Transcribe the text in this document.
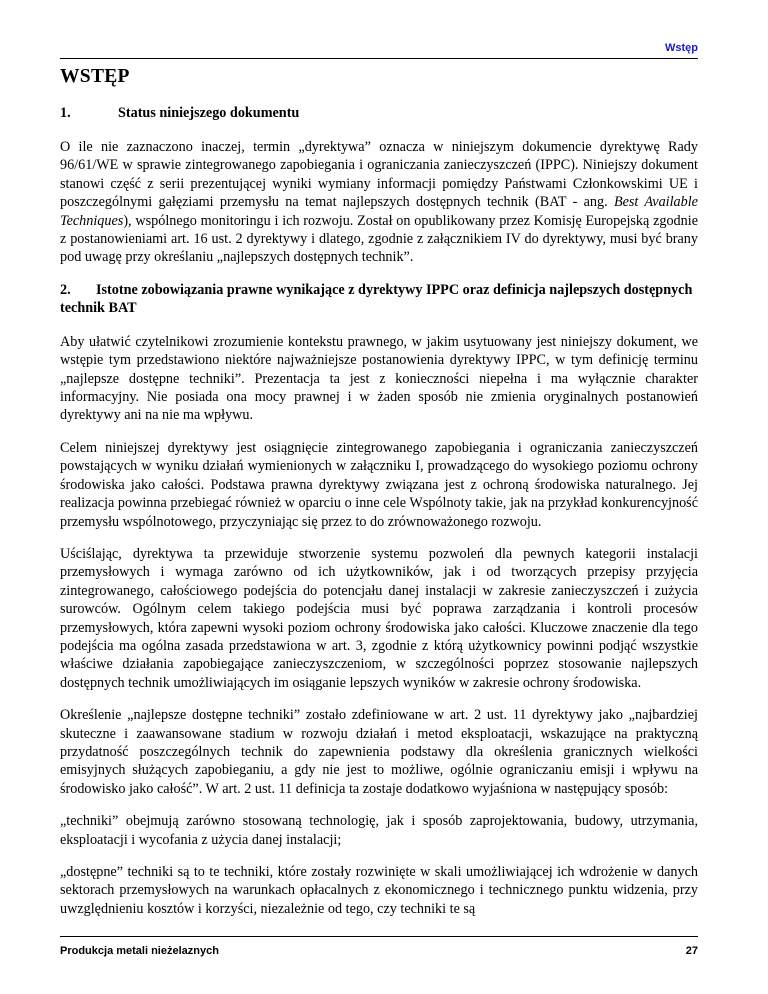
Wstęp
WSTĘP
1.	Status niniejszego dokumentu

O ile nie zaznaczono inaczej, termin „dyrektywa” oznacza w niniejszym dokumencie dyrektywę Rady 96/61/WE w sprawie zintegrowanego zapobiegania i ograniczania zanieczyszczeń (IPPC). Niniejszy dokument stanowi część z serii prezentującej wyniki wymiany informacji pomiędzy Państwami Członkowskimi UE i poszczególnymi gałęziami przemysłu na temat najlepszych dostępnych technik (BAT - ang. Best Available Techniques), wspólnego monitoringu i ich rozwoju. Został on opublikowany przez Komisję Europejską zgodnie z postanowieniami art. 16 ust. 2 dyrektywy i dlatego, zgodnie z załącznikiem IV do dyrektywy, musi być brany pod uwagę przy określaniu „najlepszych dostępnych technik”.

2. Istotne zobowiązania prawne wynikające z dyrektywy IPPC oraz definicja najlepszych dostępnych technik BAT

Aby ułatwić czytelnikowi zrozumienie kontekstu prawnego, w jakim usytuowany jest niniejszy dokument, we wstępie tym przedstawiono niektóre najważniejsze postanowienia dyrektywy IPPC, w tym definicję terminu „najlepsze dostępne techniki”. Prezentacja ta jest z konieczności niepełna i ma wyłącznie charakter informacyjny. Nie posiada ona mocy prawnej i w żaden sposób nie zmienia oryginalnych postanowień dyrektywy ani na nie ma wpływu.

Celem niniejszej dyrektywy jest osiągnięcie zintegrowanego zapobiegania i ograniczania zanieczyszczeń powstających w wyniku działań wymienionych w załączniku I, prowadzącego do wysokiego poziomu ochrony środowiska jako całości. Podstawa prawna dyrektywy związana jest z ochroną środowiska naturalnego. Jej realizacja powinna przebiegać również w oparciu o inne cele Wspólnoty takie, jak na przykład konkurencyjność przemysłu wspólnotowego, przyczyniając się przez to do zrównoważonego rozwoju.

Uściślając, dyrektywa ta przewiduje stworzenie systemu pozwoleń dla pewnych kategorii instalacji przemysłowych i wymaga zarówno od ich użytkowników, jak i od tworzących przepisy przyjęcia zintegrowanego, całościowego podejścia do potencjału danej instalacji w zakresie zanieczyszczeń i zużycia surowców. Ogólnym celem takiego podejścia musi być poprawa zarządzania i kontroli procesów przemysłowych, która zapewni wysoki poziom ochrony środowiska jako całości. Kluczowe znaczenie dla tego podejścia ma ogólna zasada przedstawiona w art. 3, zgodnie z którą użytkownicy powinni podjąć wszystkie właściwe działania zapobiegające zanieczyszczeniom, w szczególności poprzez stosowanie najlepszych dostępnych technik umożliwiających im osiąganie lepszych wyników w zakresie ochrony środowiska.

Określenie „najlepsze dostępne techniki” zostało zdefiniowane w art. 2 ust. 11 dyrektywy jako „najbardziej skuteczne i zaawansowane stadium w rozwoju działań i metod eksploatacji, wskazujące na praktyczną przydatność poszczególnych technik do zapewnienia podstawy dla określenia granicznych wielkości emisyjnych służących zapobieganiu, a gdy nie jest to możliwe, ogólnie ograniczaniu emisji i wpływu na środowisko jako całość”. W art. 2 ust. 11 definicja ta zostaje dodatkowo wyjaśniona w następujący sposób:

„techniki” obejmują zarówno stosowaną technologię, jak i sposób zaprojektowania, budowy, utrzymania, eksploatacji i wycofania z użycia danej instalacji;

„dostępne” techniki są to te techniki, które zostały rozwinięte w skali umożliwiającej ich wdrożenie w danych sektorach przemysłowych na warunkach opłacalnych z ekonomicznego i technicznego punktu widzenia, przy uwzględnieniu kosztów i korzyści, niezależnie od tego, czy techniki te są

Produkcja metali nieżelaznych	27
